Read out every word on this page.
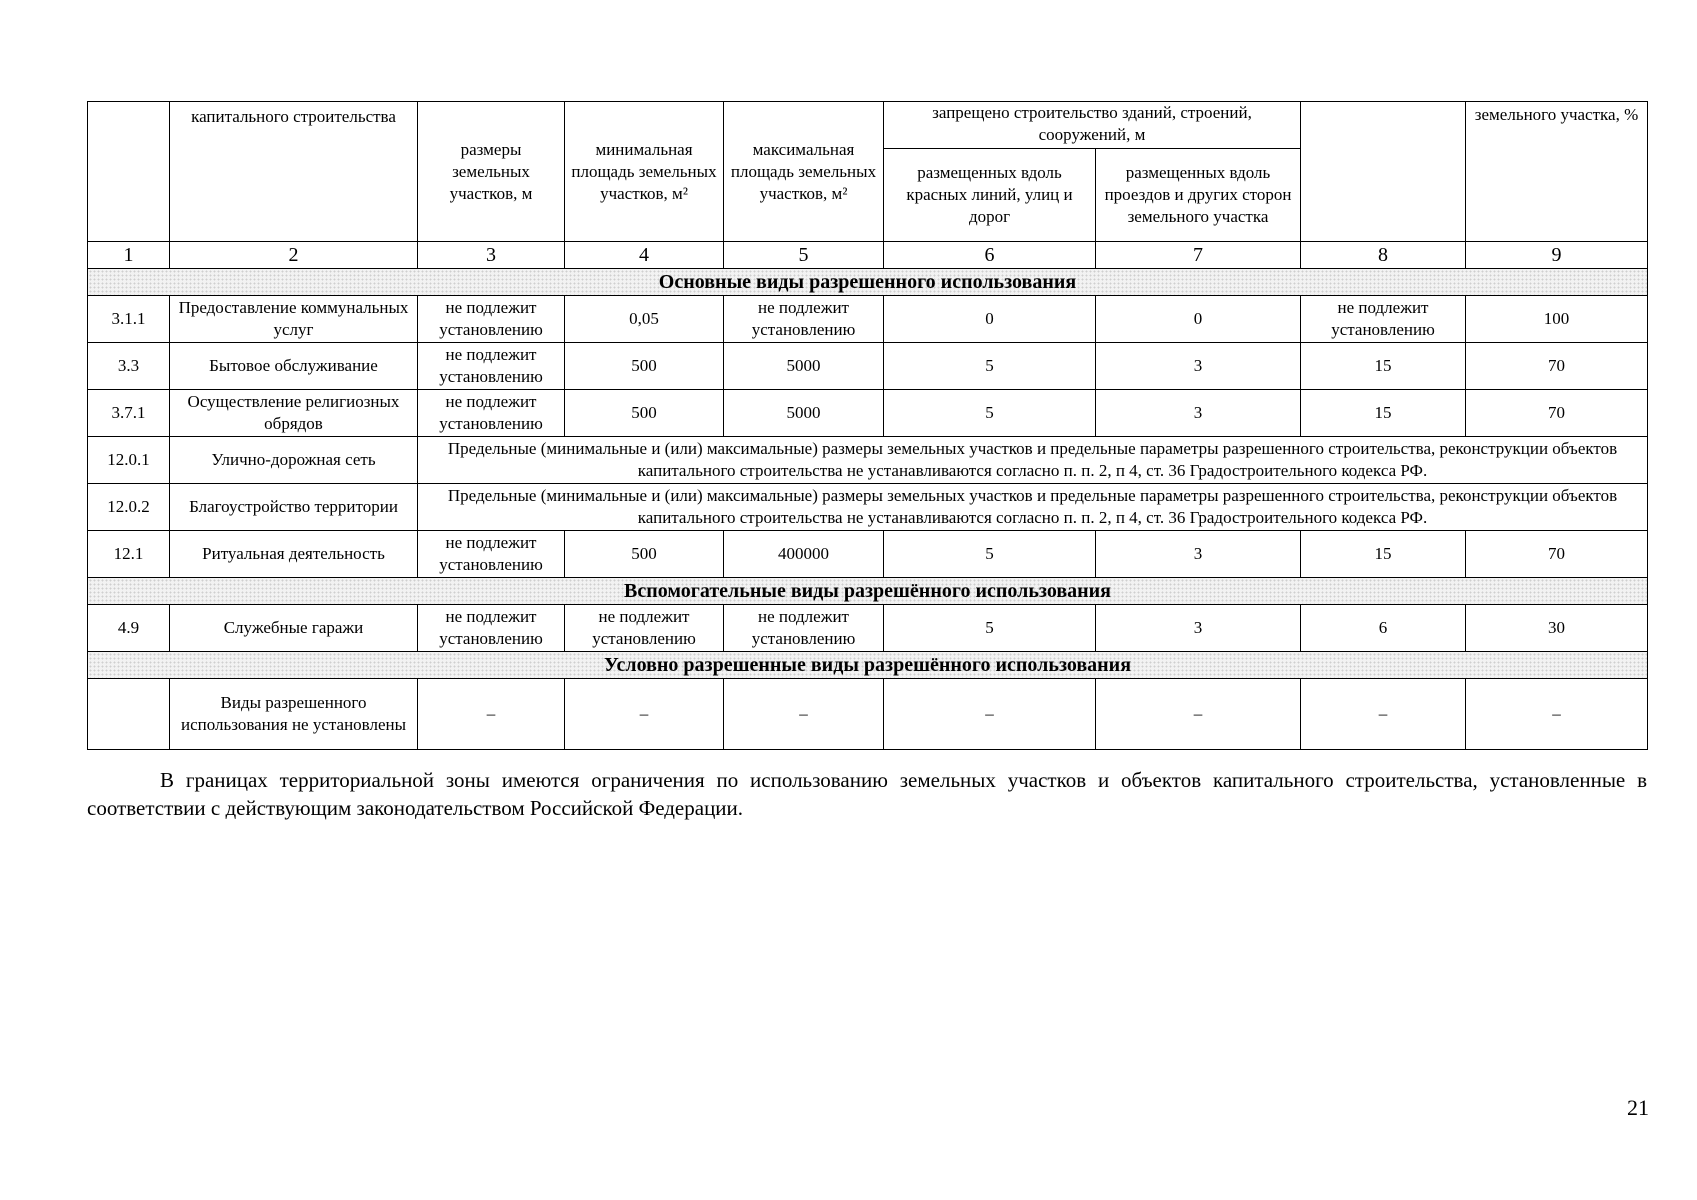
	капитального строительства	размеры земельных участков, м	минимальная площадь земельных участков, м²	максимальная площадь земельных участков, м²	запрещено строительство зданий, строений, сооружений, м			земельного участка, %
					размещенных вдоль красных линий, улиц и дорог	размещенных вдоль проездов и других сторон земельного участка		
1	2	3	4	5	6	7	8	9
Основные виды разрешенного использования								
3.1.1	Предоставление коммунальных услуг	не подлежит установлению	0,05	не подлежит установлению	0	0	не подлежит установлению	100
3.3	Бытовое обслуживание	не подлежит установлению	500	5000	5	3	15	70
3.7.1	Осуществление религиозных обрядов	не подлежит установлению	500	5000	5	3	15	70
12.0.1	Улично-дорожная сеть	Предельные (минимальные и (или) максимальные) размеры земельных участков и предельные параметры разрешенного строительства, реконструкции объектов капитального строительства не устанавливаются согласно п. п. 2, п 4, ст. 36 Градостроительного кодекса РФ.						
12.0.2	Благоустройство территории	Предельные (минимальные и (или) максимальные) размеры земельных участков и предельные параметры разрешенного строительства, реконструкции объектов капитального строительства не устанавливаются согласно п. п. 2, п 4, ст. 36 Градостроительного кодекса РФ.						
12.1	Ритуальная деятельность	не подлежит установлению	500	400000	5	3	15	70
Вспомогательные виды разрешённого использования								
4.9	Служебные гаражи	не подлежит установлению	не подлежит установлению	не подлежит установлению	5	3	6	30
Условно разрешенные виды разрешённого использования								
	Виды разрешенного использования не установлены	–	–	–	–	–	–	–

В границах территориальной зоны имеются ограничения по использованию земельных участков и объектов капитального строительства, установленные в соответствии с действующим законодательством Российской Федерации.

21
